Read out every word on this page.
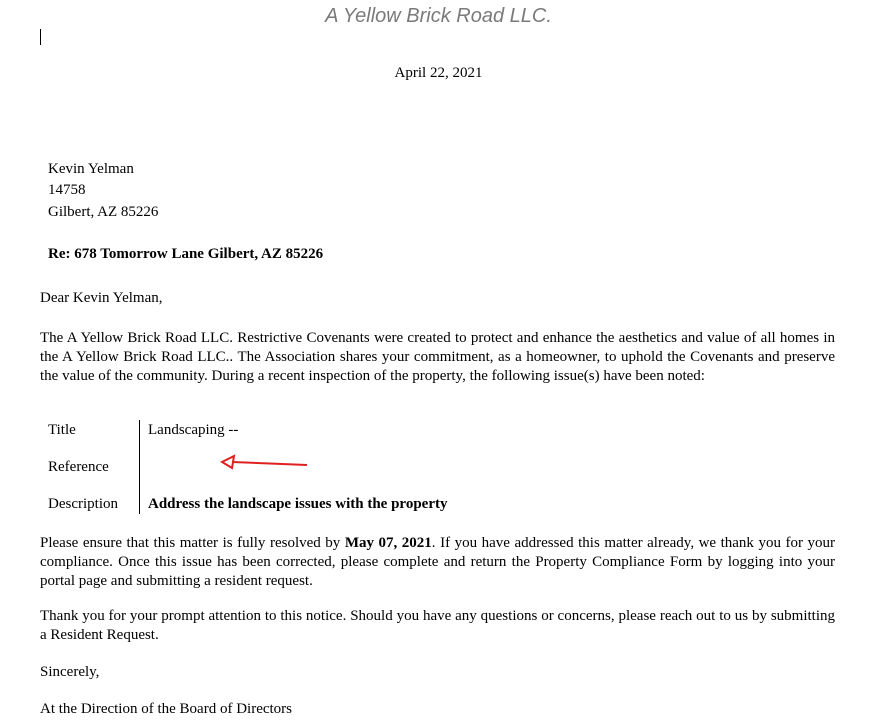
A Yellow Brick Road LLC.
April 22, 2021
Kevin Yelman
14758
Gilbert, AZ 85226
Re: 678 Tomorrow Lane Gilbert, AZ 85226
Dear Kevin Yelman,
The A Yellow Brick Road LLC. Restrictive Covenants were created to protect and enhance the aesthetics and value of all homes in the A Yellow Brick Road LLC.. The Association shares your commitment, as a homeowner, to uphold the Covenants and preserve the value of the community. During a recent inspection of the property, the following issue(s) have been noted:
Title	Landscaping --
Reference
Description Address the landscape issues with the property
Please ensure that this matter is fully resolved by May 07, 2021. If you have addressed this matter already, we thank you for your compliance. Once this issue has been corrected, please complete and return the Property Compliance Form by logging into your portal page and submitting a resident request.
Thank you for your prompt attention to this notice. Should you have any questions or concerns, please reach out to us by submitting a Resident Request.
Sincerely,
At the Direction of the Board of Directors
